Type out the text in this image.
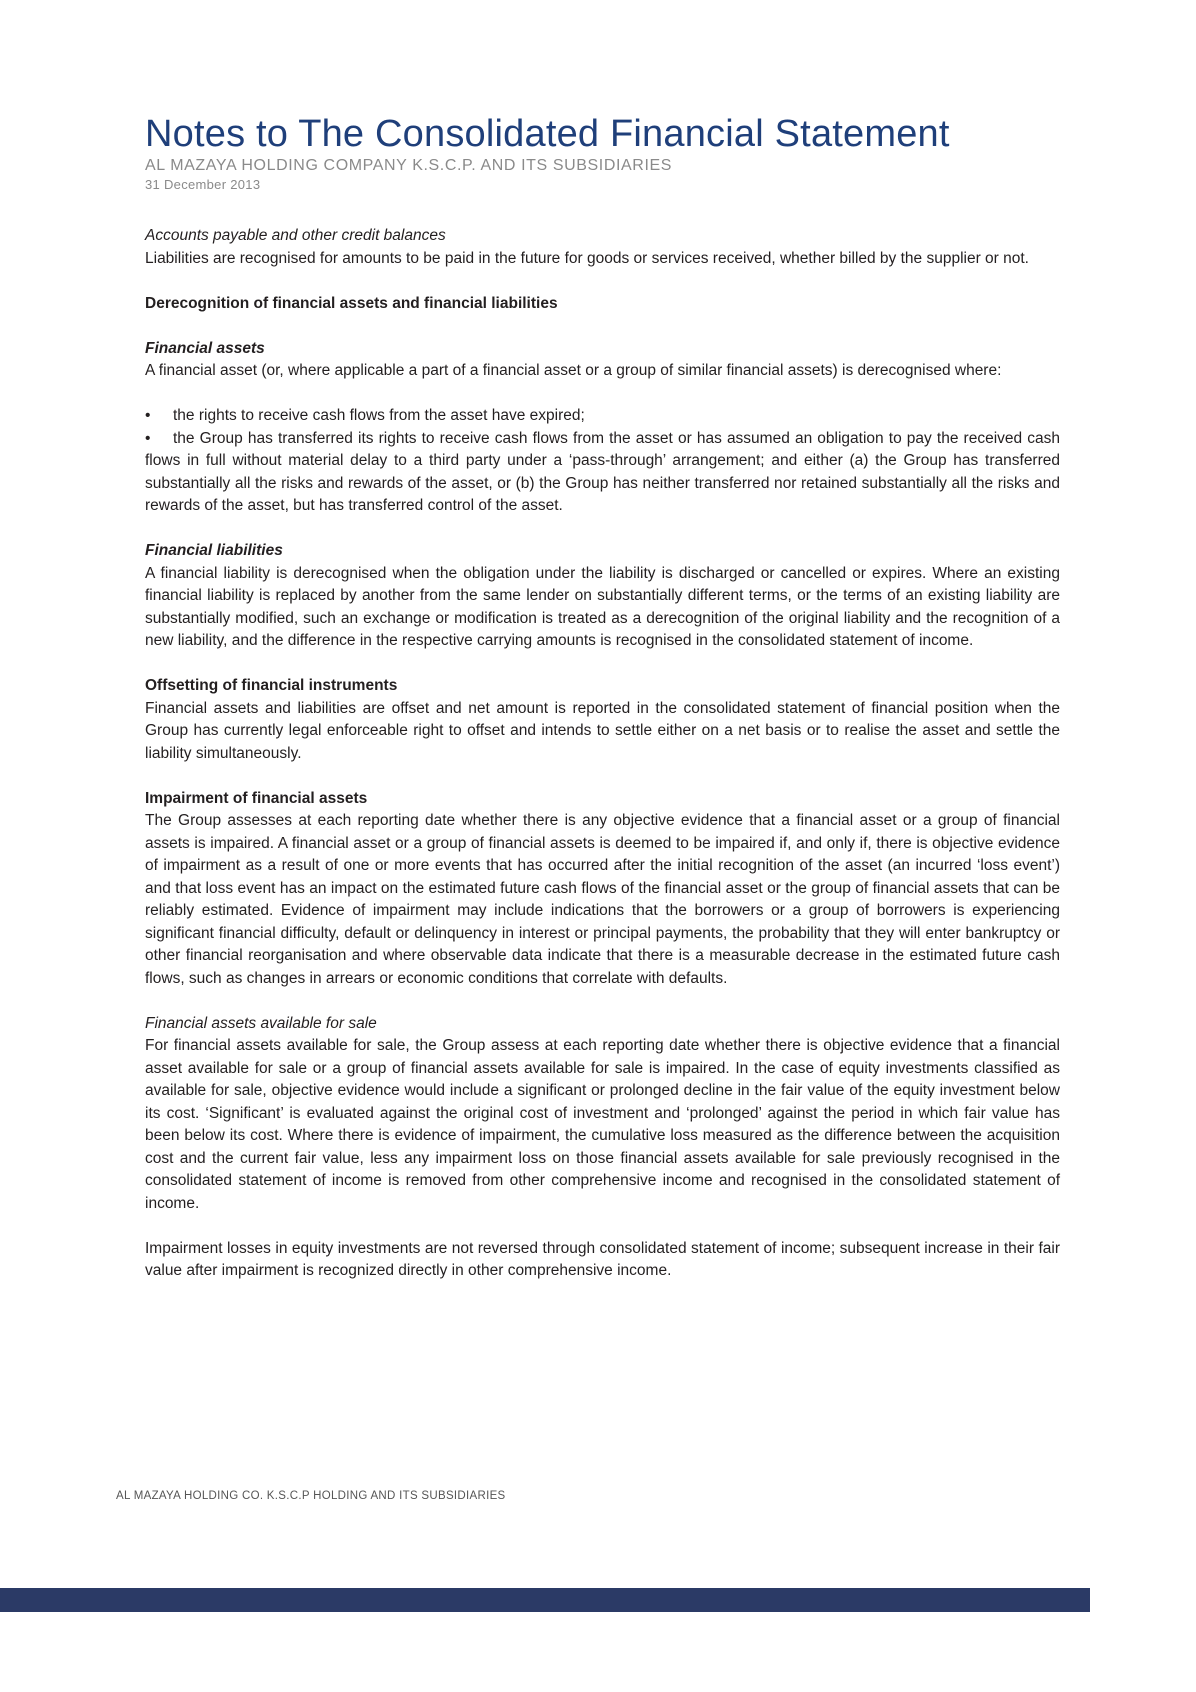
Notes to The Consolidated Financial Statement
AL MAZAYA HOLDING COMPANY K.S.C.P. AND ITS SUBSIDIARIES
31 December 2013

Accounts payable and other credit balances

Liabilities are recognised for amounts to be paid in the future for goods or services received, whether billed by the supplier or not.

Derecognition of financial assets and financial liabilities

Financial assets

A financial asset (or, where applicable a part of a financial asset or a group of similar financial assets) is derecognised where:

• the rights to receive cash flows from the asset have expired;

• the Group has transferred its rights to receive cash flows from the asset or has assumed an obligation to pay the received cash flows in full without material delay to a third party under a ‘pass-through’ arrangement; and either (a) the Group has transferred substantially all the risks and rewards of the asset, or (b) the Group has neither transferred nor retained substantially all the risks and rewards of the asset, but has transferred control of the asset.

Financial liabilities

A financial liability is derecognised when the obligation under the liability is discharged or cancelled or expires. Where an existing financial liability is replaced by another from the same lender on substantially different terms, or the terms of an existing liability are substantially modified, such an exchange or modification is treated as a derecognition of the original liability and the recognition of a new liability, and the difference in the respective carrying amounts is recognised in the consolidated statement of income.

Offsetting of financial instruments

Financial assets and liabilities are offset and net amount is reported in the consolidated statement of financial position when the Group has currently legal enforceable right to offset and intends to settle either on a net basis or to realise the asset and settle the liability simultaneously.

Impairment of financial assets

The Group assesses at each reporting date whether there is any objective evidence that a financial asset or a group of financial assets is impaired. A financial asset or a group of financial assets is deemed to be impaired if, and only if, there is objective evidence of impairment as a result of one or more events that has occurred after the initial recognition of the asset (an incurred ‘loss event’) and that loss event has an impact on the estimated future cash flows of the financial asset or the group of financial assets that can be reliably estimated. Evidence of impairment may include indications that the borrowers or a group of borrowers is experiencing significant financial difficulty, default or delinquency in interest or principal payments, the probability that they will enter bankruptcy or other financial reorganisation and where observable data indicate that there is a measurable decrease in the estimated future cash flows, such as changes in arrears or economic conditions that correlate with defaults.

Financial assets available for sale

For financial assets available for sale, the Group assess at each reporting date whether there is objective evidence that a financial asset available for sale or a group of financial assets available for sale is impaired. In the case of equity investments classified as available for sale, objective evidence would include a significant or prolonged decline in the fair value of the equity investment below its cost. ‘Significant’ is evaluated against the original cost of investment and ‘prolonged’ against the period in which fair value has been below its cost. Where there is evidence of impairment, the cumulative loss measured as the difference between the acquisition cost and the current fair value, less any impairment loss on those financial assets available for sale previously recognised in the consolidated statement of income is removed from other comprehensive income and recognised in the consolidated statement of income.

Impairment losses in equity investments are not reversed through consolidated statement of income; subsequent increase in their fair value after impairment is recognized directly in other comprehensive income.

AL MAZAYA HOLDING CO. K.S.C.P HOLDING AND ITS SUBSIDIARIES
